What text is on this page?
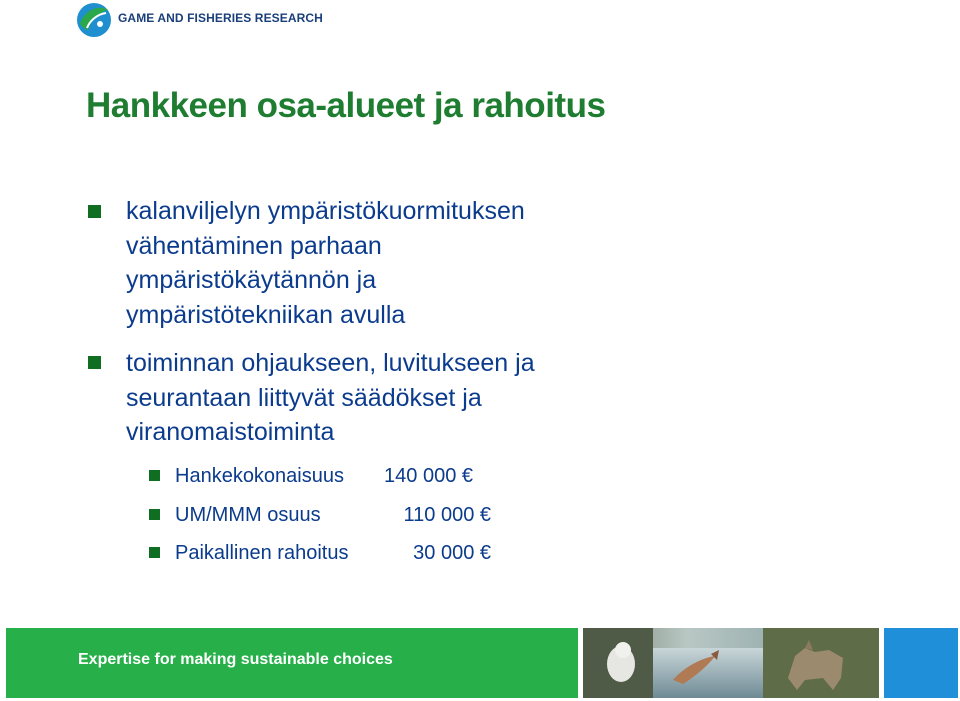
GAME AND FISHERIES RESEARCH
Hankkeen osa-alueet ja rahoitus

kalanviljelyn ympäristökuormituksen
vähentäminen parhaan
ympäristökäytännön ja
ympäristötekniikan avulla

toiminnan ohjaukseen, luvitukseen ja
seurantaan liittyvät säädökset ja
viranomaistoiminta

Hankekokonaisuus	140 000 €
UM/MMM osuus	110 000 €
Paikallinen rahoitus	30 000 €
Expertise for making sustainable choices
